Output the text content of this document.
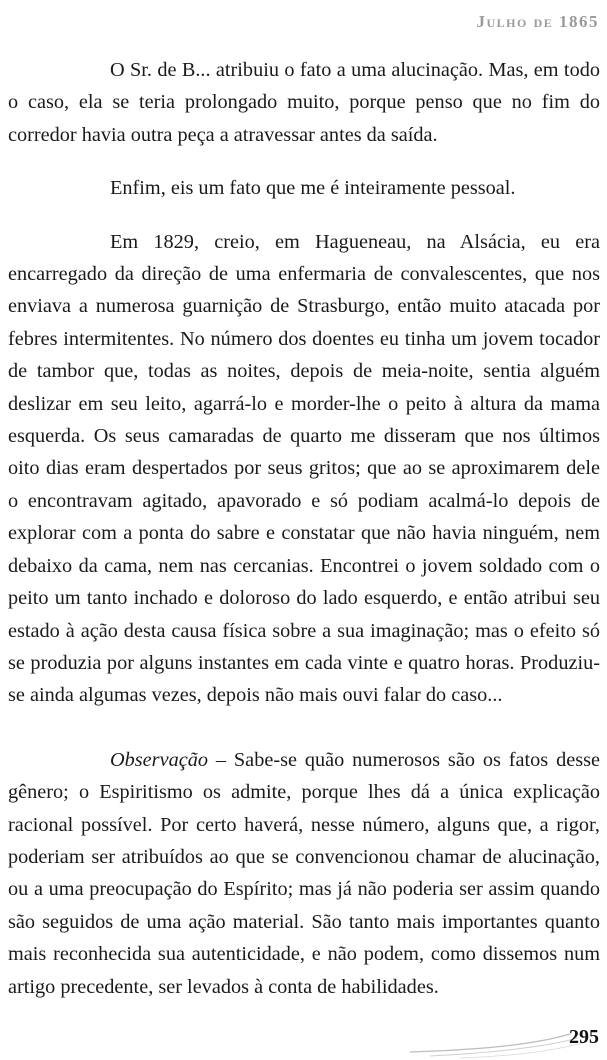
Julho de 1865

O Sr. de B... atribuiu o fato a uma alucinação. Mas, em todo o caso, ela se teria prolongado muito, porque penso que no fim do corredor havia outra peça a atravessar antes da saída.

Enfim, eis um fato que me é inteiramente pessoal.

Em 1829, creio, em Hagueneau, na Alsácia, eu era encarregado da direção de uma enfermaria de convalescentes, que nos enviava a numerosa guarnição de Strasburgo, então muito atacada por febres intermitentes. No número dos doentes eu tinha um jovem tocador de tambor que, todas as noites, depois de meia-noite, sentia alguém deslizar em seu leito, agarrá-lo e morder-lhe o peito à altura da mama esquerda. Os seus camaradas de quarto me disseram que nos últimos oito dias eram despertados por seus gritos; que ao se aproximarem dele o encontravam agitado, apavorado e só podiam acalmá-lo depois de explorar com a ponta do sabre e constatar que não havia ninguém, nem debaixo da cama, nem nas cercanias. Encontrei o jovem soldado com o peito um tanto inchado e doloroso do lado esquerdo, e então atribui seu estado à ação desta causa física sobre a sua imaginação; mas o efeito só se produzia por alguns instantes em cada vinte e quatro horas. Produziu-se ainda algumas vezes, depois não mais ouvi falar do caso...

Observação – Sabe-se quão numerosos são os fatos desse gênero; o Espiritismo os admite, porque lhes dá a única explicação racional possível. Por certo haverá, nesse número, alguns que, a rigor, poderiam ser atribuídos ao que se convencionou chamar de alucinação, ou a uma preocupação do Espírito; mas já não poderia ser assim quando são seguidos de uma ação material. São tanto mais importantes quanto mais reconhecida sua autenticidade, e não podem, como dissemos num artigo precedente, ser levados à conta de habilidades.

295
